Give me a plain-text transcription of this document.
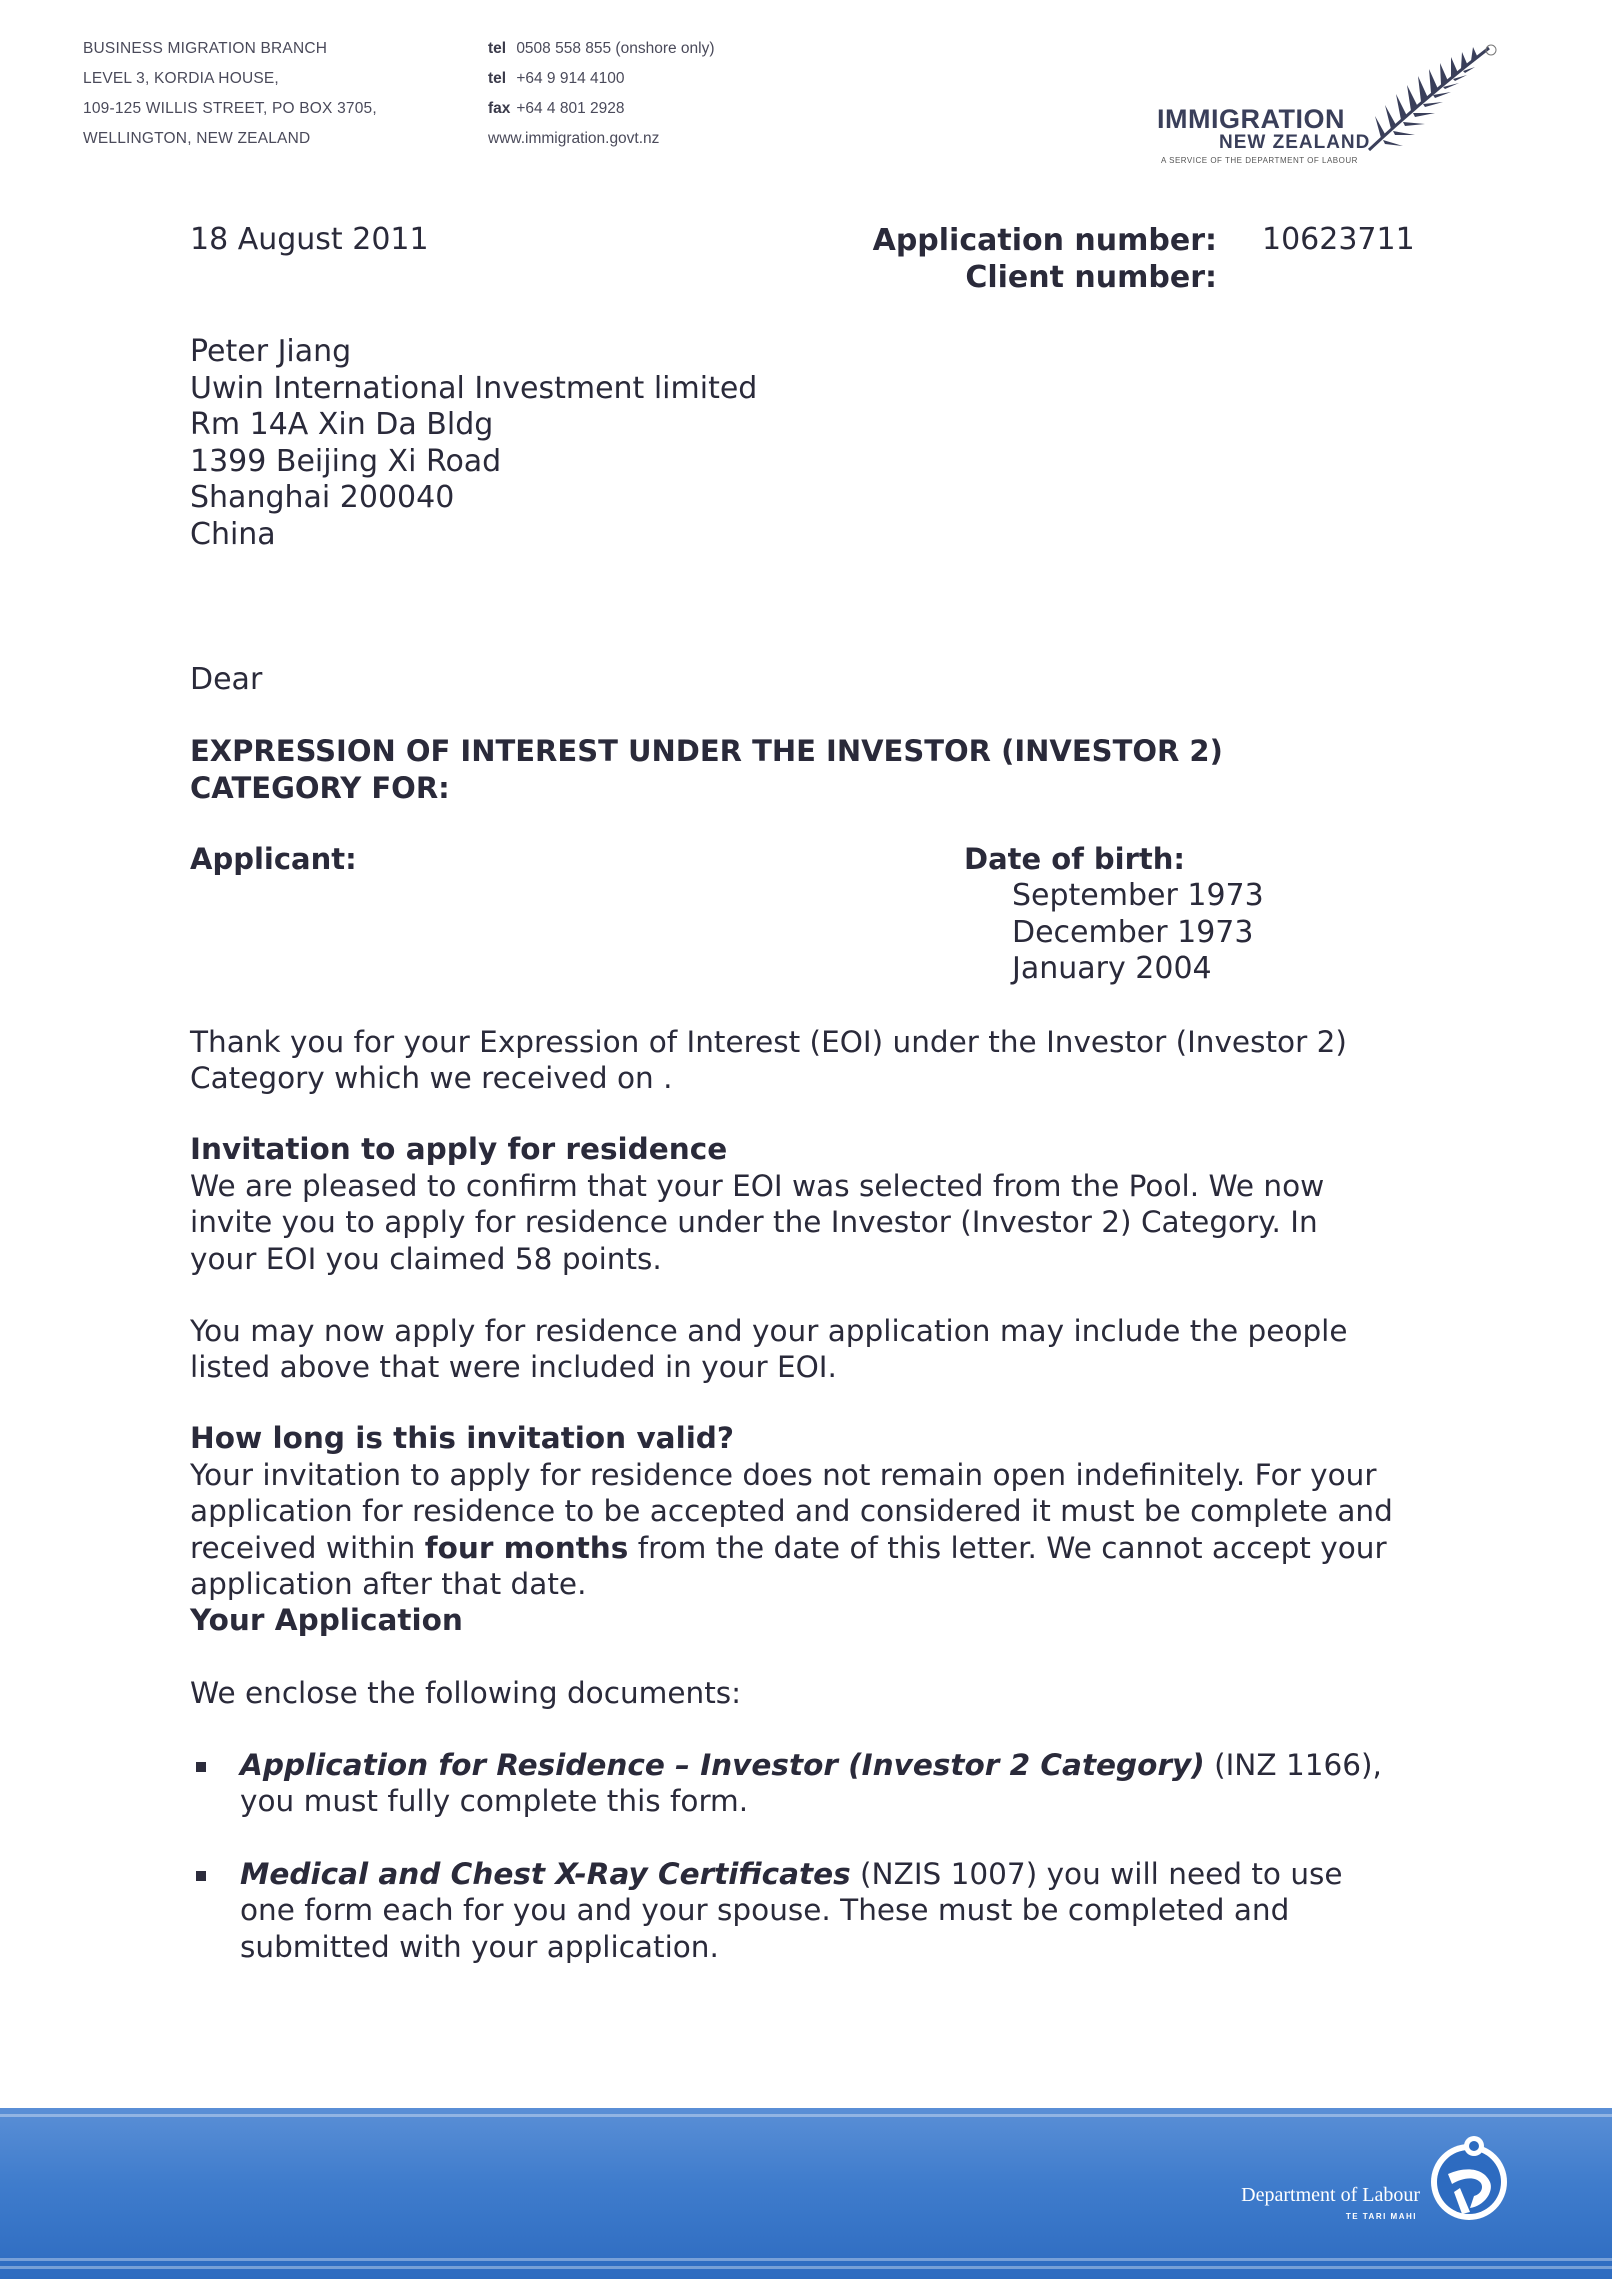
BUSINESS MIGRATION BRANCH
LEVEL 3, KORDIA HOUSE,
109-125 WILLIS STREET, PO BOX 3705,
WELLINGTON, NEW ZEALAND
tel 0508 558 855 (onshore only)
tel +64 9 914 4100
fax +64 4 801 2928
www.immigration.govt.nz
IMMIGRATION
NEW ZEALAND
A SERVICE OF THE DEPARTMENT OF LABOUR
18 August 2011	Application number:
Client number:
10623711
Peter Jiang
Uwin International Investment limited
Rm 14A Xin Da Bldg
1399 Beijing Xi Road
Shanghai 200040
China
Dear
EXPRESSION OF INTEREST UNDER THE INVESTOR (INVESTOR 2)
CATEGORY FOR:
Applicant:	Date of birth:
September 1973
December 1973
January 2004
Thank you for your Expression of Interest (EOI) under the Investor (Investor 2)
Category which we received on .
Invitation to apply for residence
We are pleased to confirm that your EOI was selected from the Pool. We now
invite you to apply for residence under the Investor (Investor 2) Category. In
your EOI you claimed 58 points.
You may now apply for residence and your application may include the people
listed above that were included in your EOI.
How long is this invitation valid?
Your invitation to apply for residence does not remain open indefinitely. For your
application for residence to be accepted and considered it must be complete and
received within four months from the date of this letter. We cannot accept your
application after that date.
Your Application
We enclose the following documents:
Application for Residence – Investor (Investor 2 Category) (INZ 1166),
you must fully complete this form.
Medical and Chest X-Ray Certificates (NZIS 1007) you will need to use
one form each for you and your spouse. These must be completed and
submitted with your application.
Department of Labour
TE TARI MAHI
